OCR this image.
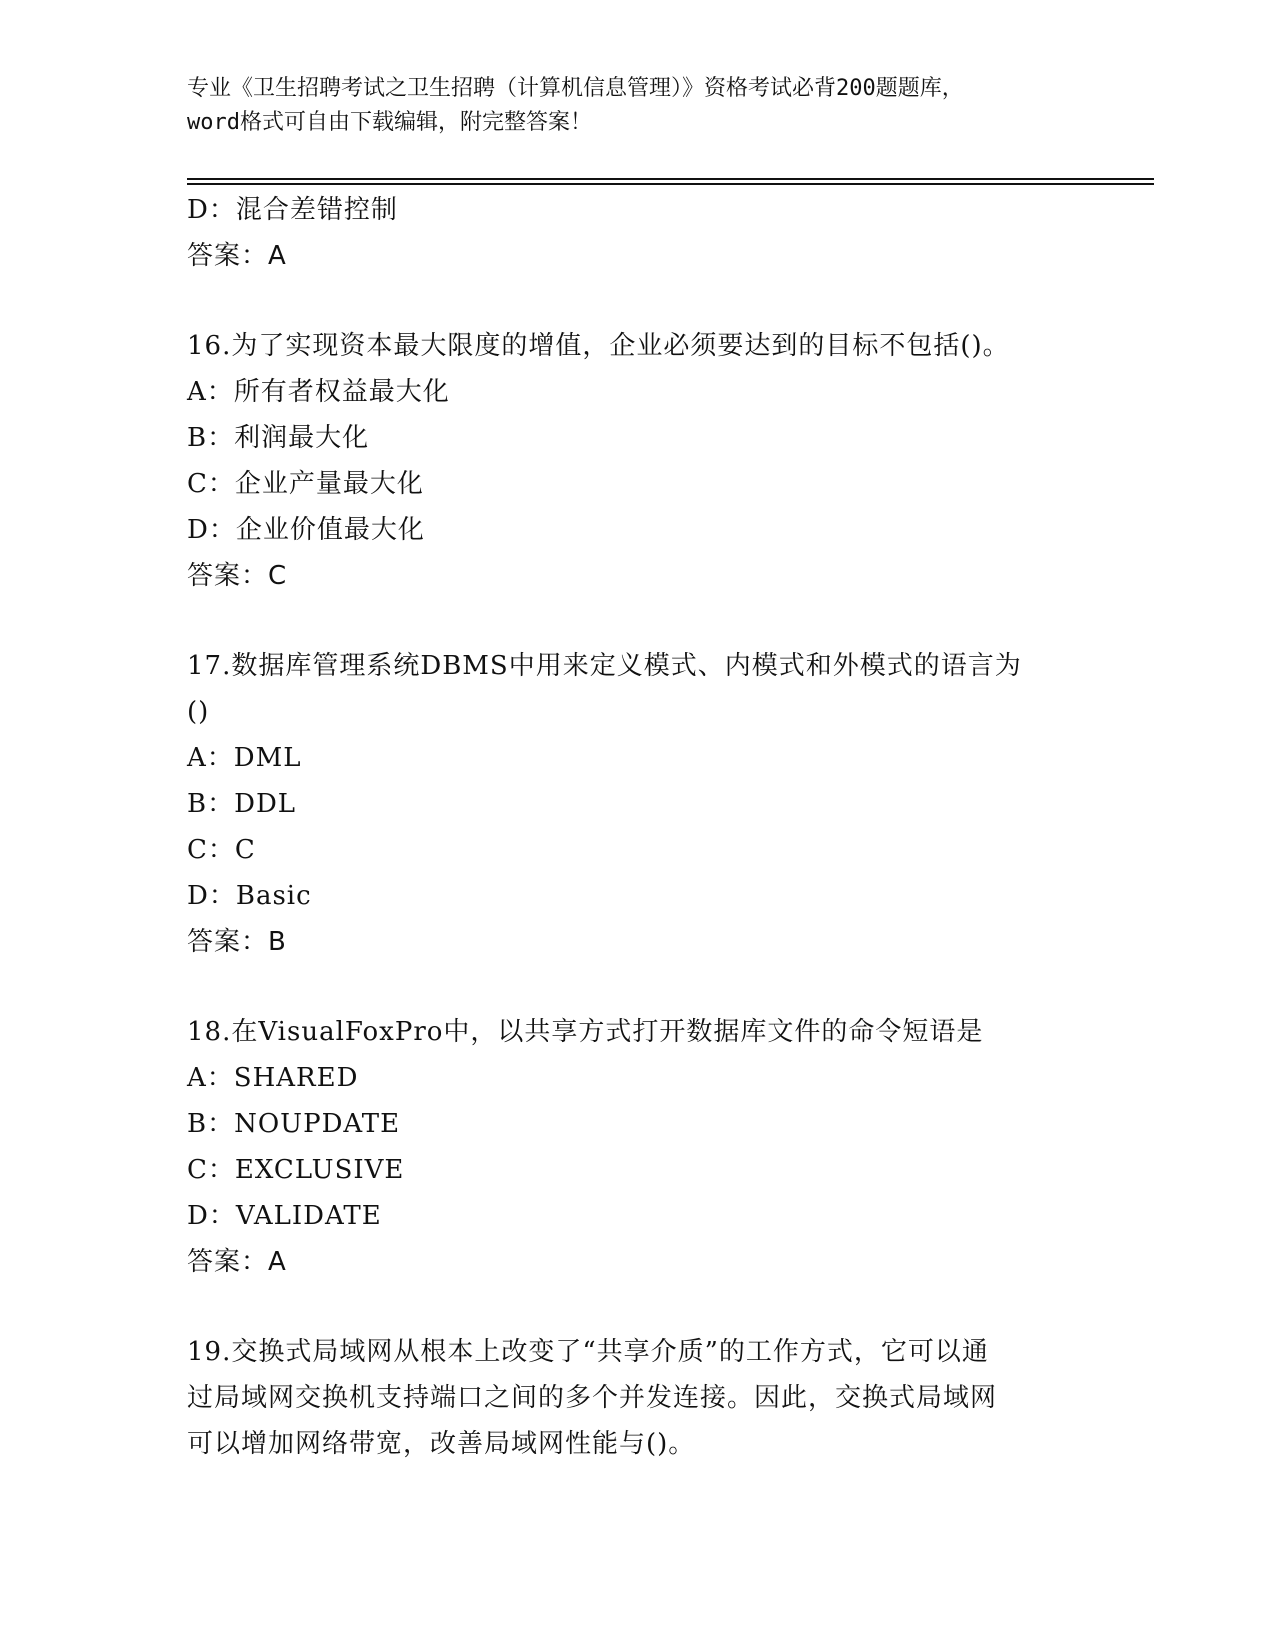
专业《卫生招聘考试之卫生招聘（计算机信息管理）》资格考试必背200题题库，
word格式可自由下载编辑，附完整答案！
D：混合差错控制
答案：A
16.为了实现资本最大限度的增值，企业必须要达到的目标不包括()。
A：所有者权益最大化
B：利润最大化
C：企业产量最大化
D：企业价值最大化
答案：C
17.数据库管理系统DBMS中用来定义模式、内模式和外模式的语言为
()
A：DML
B：DDL
C：C
D：Basic
答案：B
18.在VisualFoxPro中，以共享方式打开数据库文件的命令短语是
A：SHARED
B：NOUPDATE
C：EXCLUSIVE
D：VALIDATE
答案：A
19.交换式局域网从根本上改变了“共享介质”的工作方式，它可以通
过局域网交换机支持端口之间的多个并发连接。因此，交换式局域网
可以增加网络带宽，改善局域网性能与()。
